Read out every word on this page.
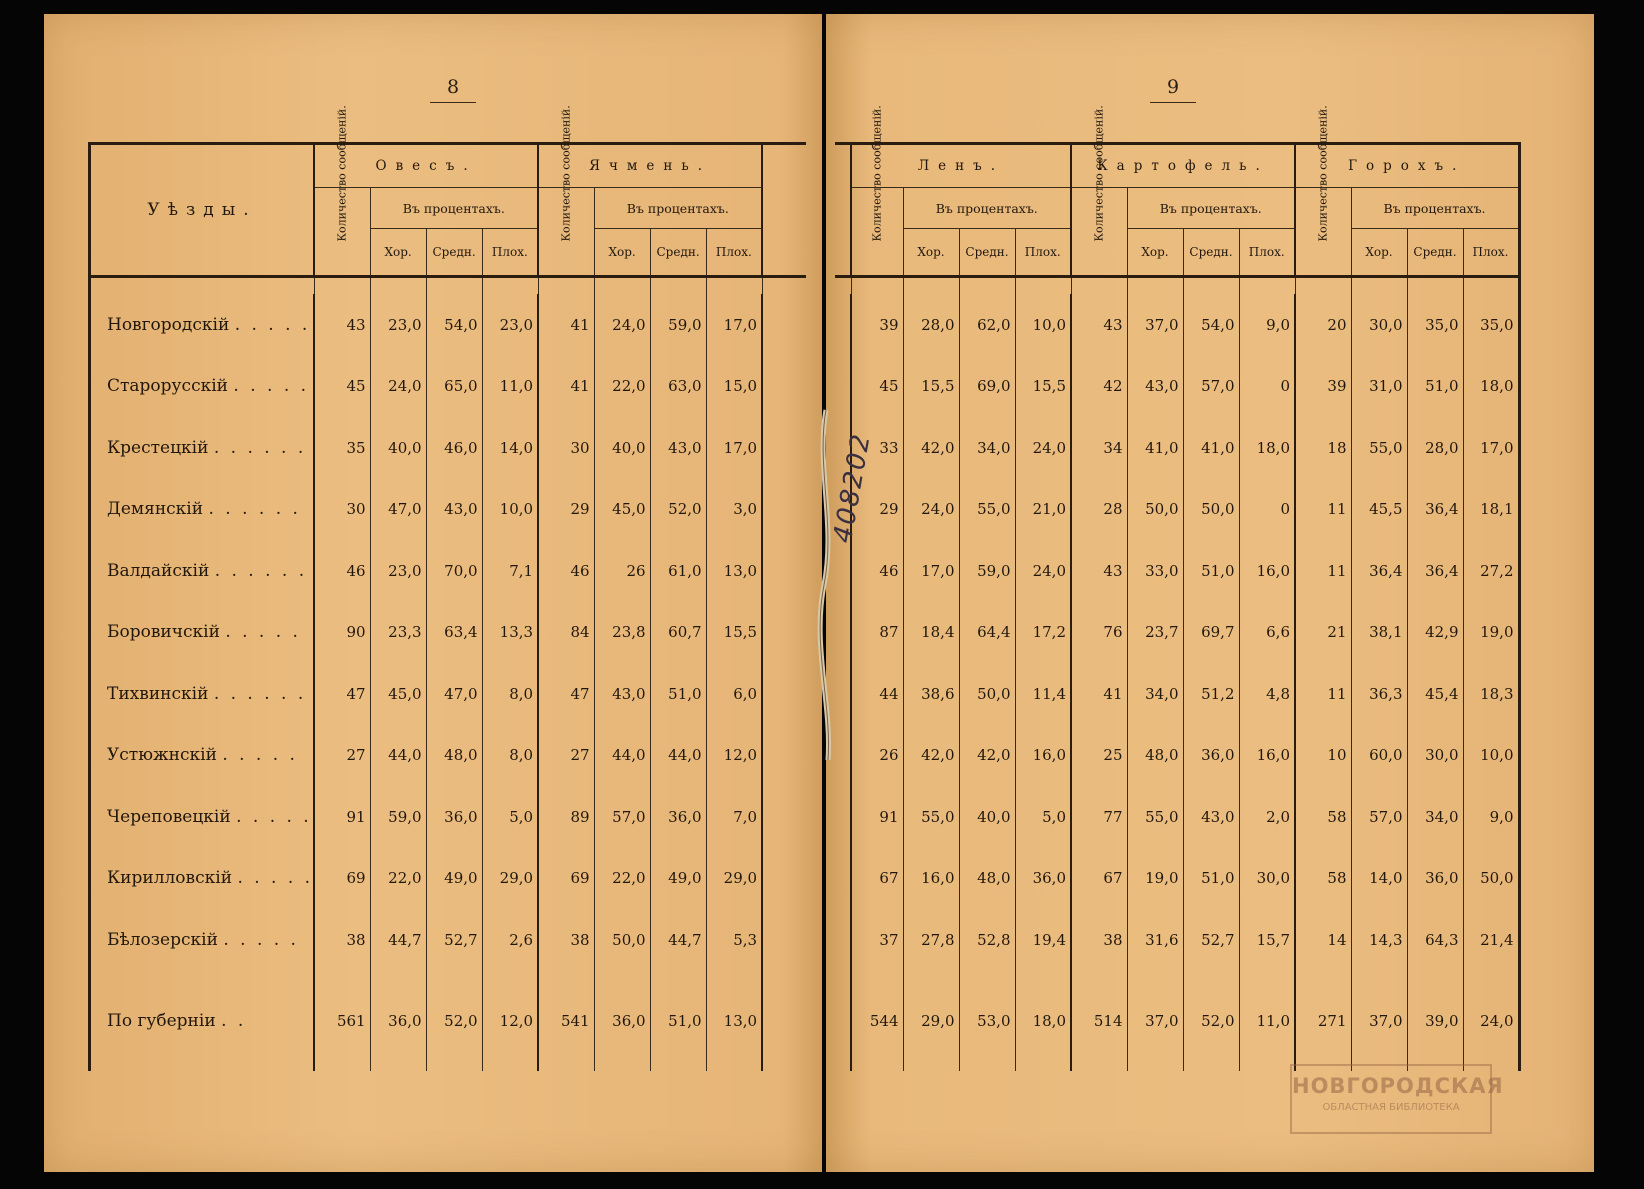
8	9
Уѣзды.	Овесъ.				Ячмень.				

	Количество сообщеній.	Въ процентахъ.			Количество сообщеній.	Въ процентахъ.			
		Хор.	Средн.	Плох.		Хор.	Средн.	Плох.	

Новгородскій . . . . .	43	23,0	54,0	23,0	41	24,0	59,0	17,0	
Старорусскій . . . . .	45	24,0	65,0	11,0	41	22,0	63,0	15,0	
Крестецкій . . . . . .	35	40,0	46,0	14,0	30	40,0	43,0	17,0	
Демянскій . . . . . .	30	47,0	43,0	10,0	29	45,0	52,0	3,0	
Валдайскій . . . . . .	46	23,0	70,0	7,1	46	26	61,0	13,0	
Боровичскій . . . . .	90	23,3	63,4	13,3	84	23,8	60,7	15,5	
Тихвинскій . . . . . .	47	45,0	47,0	8,0	47	43,0	51,0	6,0	
Устюжнскій . . . . .	27	44,0	48,0	8,0	27	44,0	44,0	12,0	
Череповецкій . . . . .	91	59,0	36,0	5,0	89	57,0	36,0	7,0	
Кирилловскій . . . . .	69	22,0	49,0	29,0	69	22,0	49,0	29,0	
Бѣлозерскій . . . . .	38	44,7	52,7	2,6	38	50,0	44,7	5,3	
По губерніи . .	561	36,0	52,0	12,0	541	36,0	51,0	13,0	
	Ленъ.				Картофель.				Горохъ.			

	Количество сообщеній.	Въ процентахъ.			Количество сообщеній.	Въ процентахъ.			Количество сообщеній.	Въ процентахъ.		
		Хор.	Средн.	Плох.		Хор.	Средн.	Плох.		Хор.	Средн.	Плох.

	39	28,0	62,0	10,0	43	37,0	54,0	9,0	20	30,0	35,0	35,0
	45	15,5	69,0	15,5	42	43,0	57,0	0	39	31,0	51,0	18,0
	33	42,0	34,0	24,0	34	41,0	41,0	18,0	18	55,0	28,0	17,0
	29	24,0	55,0	21,0	28	50,0	50,0	0	11	45,5	36,4	18,1
	46	17,0	59,0	24,0	43	33,0	51,0	16,0	11	36,4	36,4	27,2
	87	18,4	64,4	17,2	76	23,7	69,7	6,6	21	38,1	42,9	19,0
	44	38,6	50,0	11,4	41	34,0	51,2	4,8	11	36,3	45,4	18,3
	26	42,0	42,0	16,0	25	48,0	36,0	16,0	10	60,0	30,0	10,0
	91	55,0	40,0	5,0	77	55,0	43,0	2,0	58	57,0	34,0	9,0
	67	16,0	48,0	36,0	67	19,0	51,0	30,0	58	14,0	36,0	50,0
	37	27,8	52,8	19,4	38	31,6	52,7	15,7	14	14,3	64,3	21,4
	544	29,0	53,0	18,0	514	37,0	52,0	11,0	271	37,0	39,0	24,0
408202
НОВГОРОДСКАЯ
ОБЛАСТНАЯ БИБЛИОТЕКА
